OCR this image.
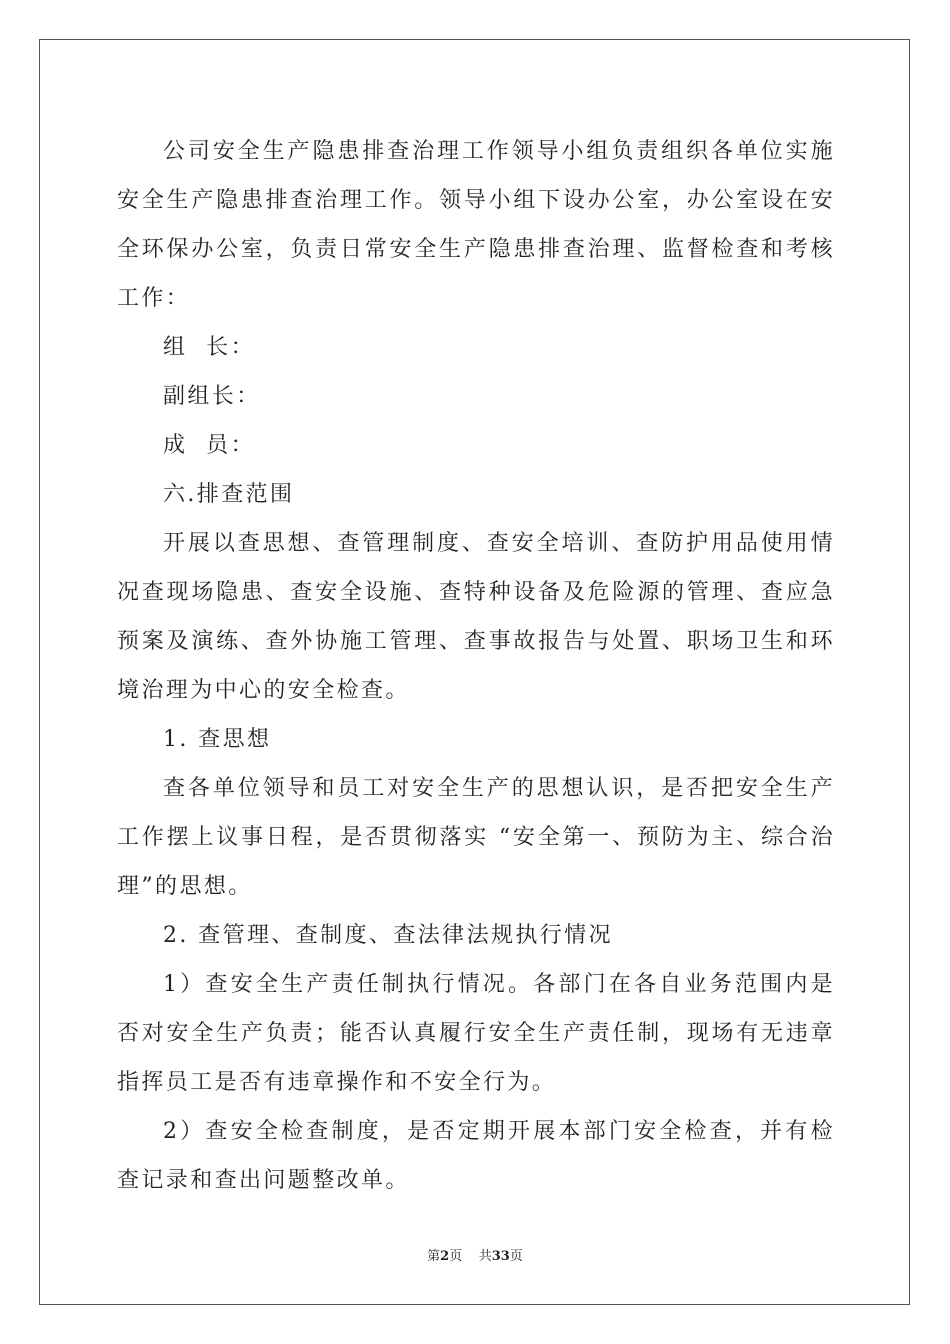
公司安全生产隐患排查治理工作领导小组负责组织各单位实施安全生产隐患排查治理工作。领导小组下设办公室，办公室设在安全环保办公室，负责日常安全生产隐患排查治理、监督检查和考核工作：

组  长：

副组长：

成  员：

六.排查范围

开展以查思想、查管理制度、查安全培训、查防护用品使用情况查现场隐患、查安全设施、查特种设备及危险源的管理、查应急预案及演练、查外协施工管理、查事故报告与处置、职场卫生和环境治理为中心的安全检查。

1. 查思想

查各单位领导和员工对安全生产的思想认识，是否把安全生产工作摆上议事日程，是否贯彻落实 “安全第一、预防为主、综合治理”的思想。

2. 查管理、查制度、查法律法规执行情况

1）查安全生产责任制执行情况。各部门在各自业务范围内是否对安全生产负责；能否认真履行安全生产责任制，现场有无违章指挥员工是否有违章操作和不安全行为。

2）查安全检查制度，是否定期开展本部门安全检查，并有检查记录和查出问题整改单。

第2页    共33页
